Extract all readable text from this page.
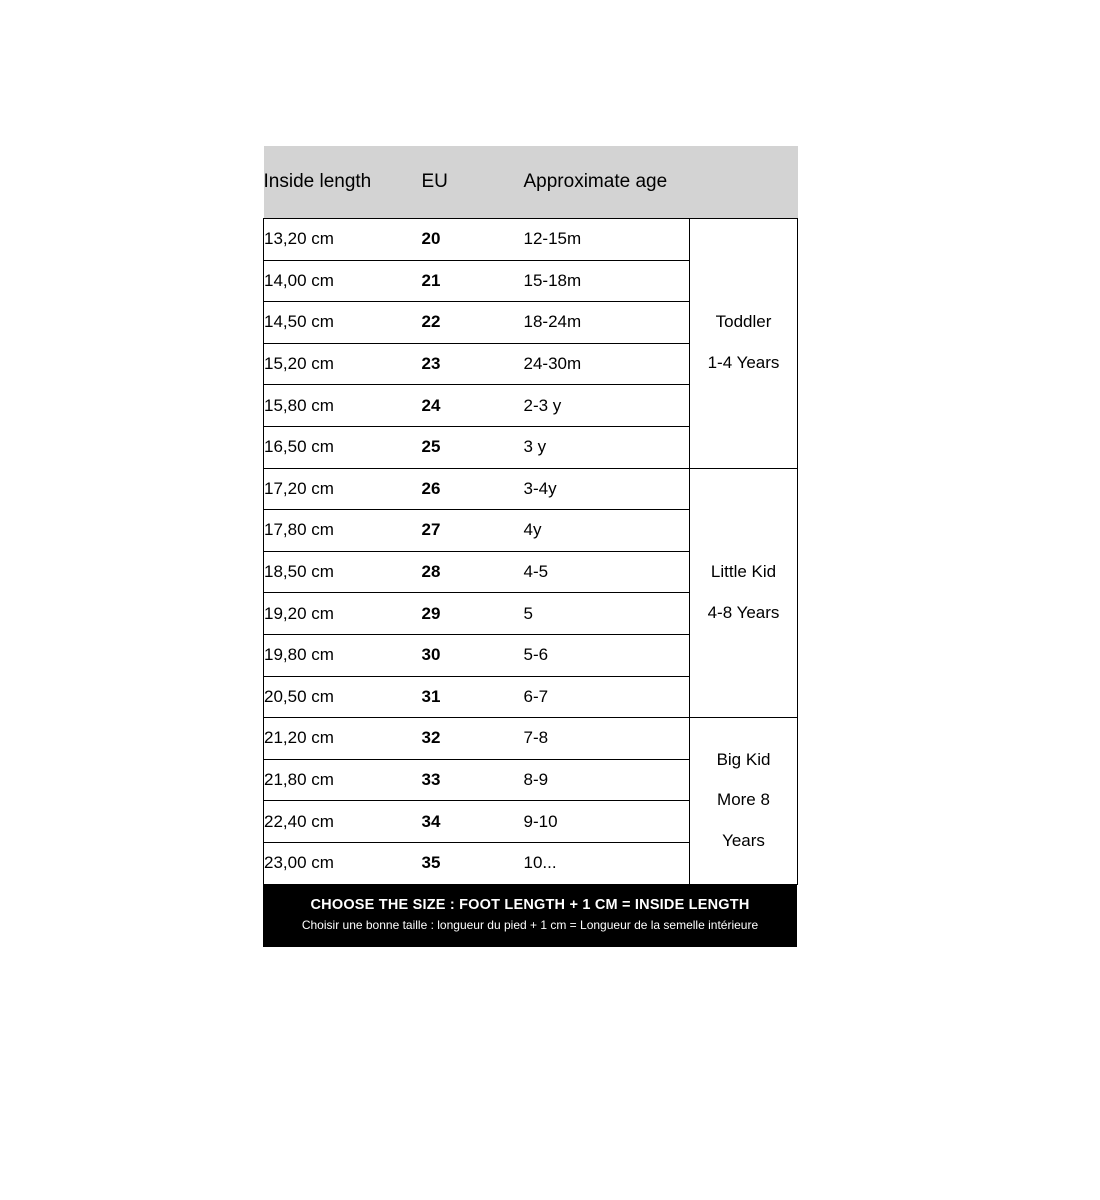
Inside length	EU	Approximate age	
13,20 cm	20	12-15m	Toddler
1-4 Years

14,00 cm	21	15-18m	
14,50 cm	22	18-24m	
15,20 cm	23	24-30m	
15,80 cm	24	2-3 y	
16,50 cm	25	3 y	
17,20 cm	26	3-4y	Little Kid
4-8 Years

17,80 cm	27	4y	
18,50 cm	28	4-5	
19,20 cm	29	5	
19,80 cm	30	5-6	
20,50 cm	31	6-7	
21,20 cm	32	7-8	Big Kid
More 8
Years

21,80 cm	33	8-9	
22,40 cm	34	9-10	
23,00 cm	35	10...	
CHOOSE THE SIZE : FOOT LENGTH + 1 CM = INSIDE LENGTH
Choisir une bonne taille : longueur du pied + 1 cm = Longueur de la semelle intérieure
